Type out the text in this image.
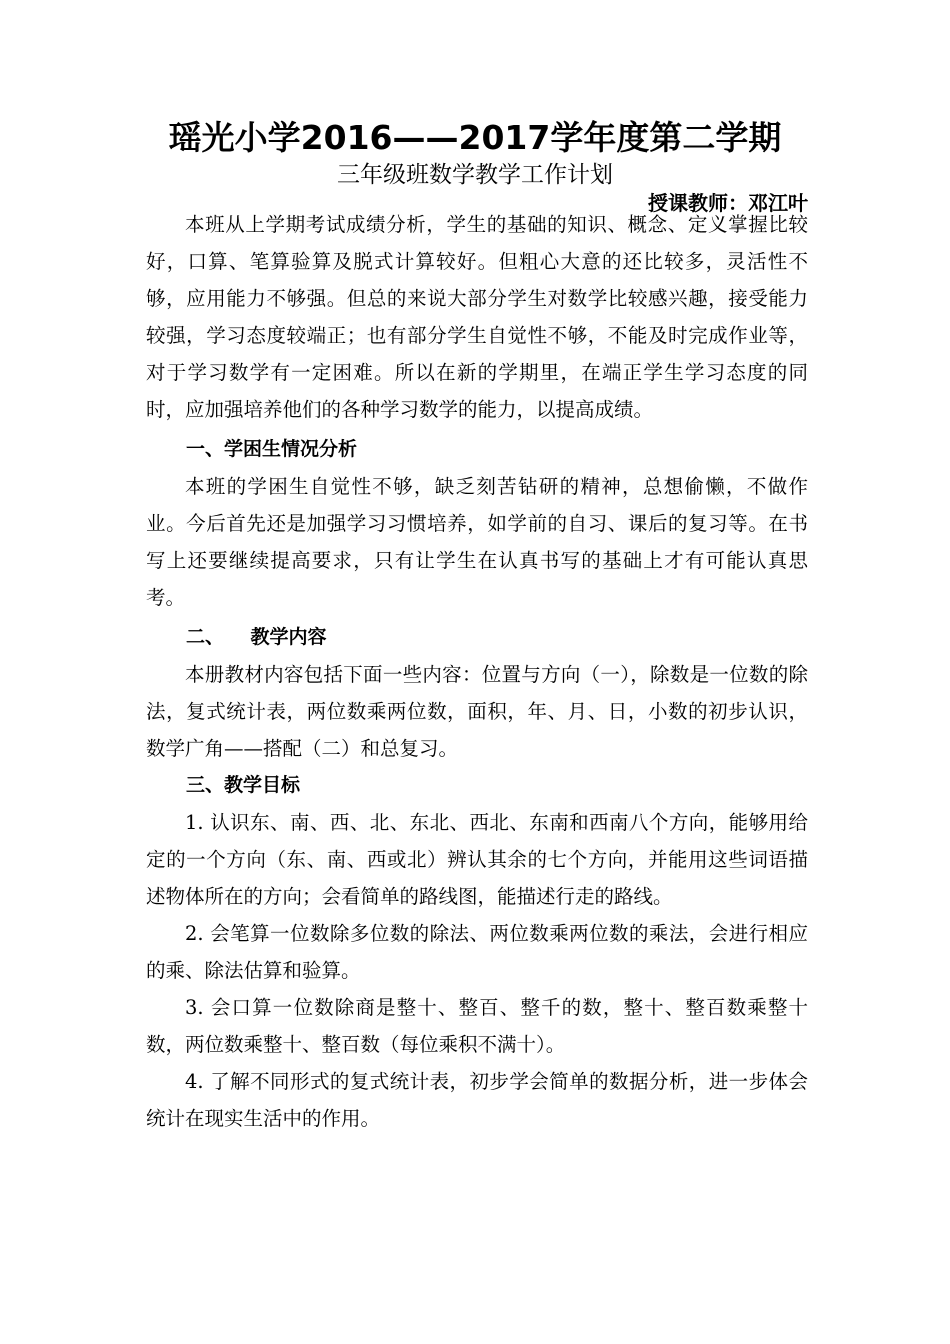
瑶光小学2016——2017学年度第二学期
三年级班数学教学工作计划
授课教师：邓江叶

本班从上学期考试成绩分析，学生的基础的知识、概念、定义掌握比较好，口算、笔算验算及脱式计算较好。但粗心大意的还比较多，灵活性不够，应用能力不够强。但总的来说大部分学生对数学比较感兴趣，接受能力较强，学习态度较端正；也有部分学生自觉性不够，不能及时完成作业等，对于学习数学有一定困难。所以在新的学期里，在端正学生学习态度的同时，应加强培养他们的各种学习数学的能力，以提高成绩。

一、学困生情况分析

本班的学困生自觉性不够，缺乏刻苦钻研的精神，总想偷懒，不做作业。今后首先还是加强学习习惯培养，如学前的自习、课后的复习等。在书写上还要继续提高要求，只有让学生在认真书写的基础上才有可能认真思考。

二、    教学内容

本册教材内容包括下面一些内容：位置与方向（一），除数是一位数的除法，复式统计表，两位数乘两位数，面积，年、月、日，小数的初步认识，数学广角——搭配（二）和总复习。

三、教学目标

1. 认识东、南、西、北、东北、西北、东南和西南八个方向，能够用给定的一个方向（东、南、西或北）辨认其余的七个方向，并能用这些词语描述物体所在的方向；会看简单的路线图，能描述行走的路线。

2. 会笔算一位数除多位数的除法、两位数乘两位数的乘法，会进行相应的乘、除法估算和验算。

3. 会口算一位数除商是整十、整百、整千的数，整十、整百数乘整十数，两位数乘整十、整百数（每位乘积不满十）。

4. 了解不同形式的复式统计表，初步学会简单的数据分析，进一步体会统计在现实生活中的作用。
